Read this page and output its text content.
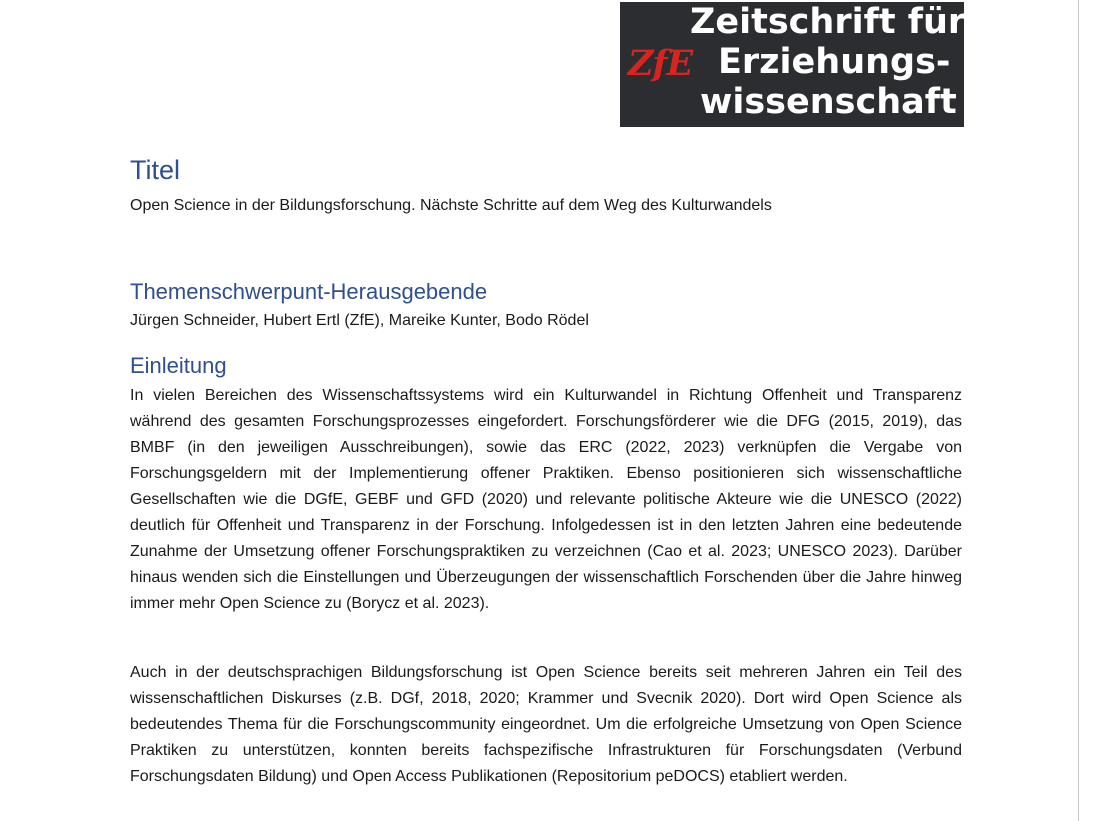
ZfE
Zeitschrift für
Erziehungs-
wissenschaft
Titel
Open Science in der Bildungsforschung. Nächste Schritte auf dem Weg des Kulturwandels
Themenschwerpunt-Herausgebende
Jürgen Schneider, Hubert Ertl (ZfE), Mareike Kunter, Bodo Rödel
Einleitung

In vielen Bereichen des Wissenschaftssystems wird ein Kulturwandel in Richtung Offenheit und Transparenz während des gesamten Forschungsprozesses eingefordert. Forschungsförderer wie die DFG (2015, 2019), das BMBF (in den jeweiligen Ausschreibungen), sowie das ERC (2022, 2023) verknüpfen die Vergabe von Forschungsgeldern mit der Implementierung offener Praktiken. Ebenso positionieren sich wissenschaftliche Gesellschaften wie die DGfE, GEBF und GFD (2020) und relevante politische Akteure wie die UNESCO (2022) deutlich für Offenheit und Transparenz in der Forschung. Infolgedessen ist in den letzten Jahren eine bedeutende Zunahme der Umsetzung offener Forschungspraktiken zu verzeichnen (Cao et al. 2023; UNESCO 2023). Darüber hinaus wenden sich die Einstellungen und Überzeugungen der wissenschaftlich Forschenden über die Jahre hinweg immer mehr Open Science zu (Borycz et al. 2023).

Auch in der deutschsprachigen Bildungsforschung ist Open Science bereits seit mehreren Jahren ein Teil des wissenschaftlichen Diskurses (z.B. DGf, 2018, 2020; Krammer und Svecnik 2020). Dort wird Open Science als bedeutendes Thema für die Forschungscommunity eingeordnet. Um die erfolgreiche Umsetzung von Open Science Praktiken zu unterstützen, konnten bereits fachspezifische Infrastrukturen für Forschungsdaten (Verbund Forschungsdaten Bildung) und Open Access Publikationen (Repositorium peDOCS) etabliert werden.
